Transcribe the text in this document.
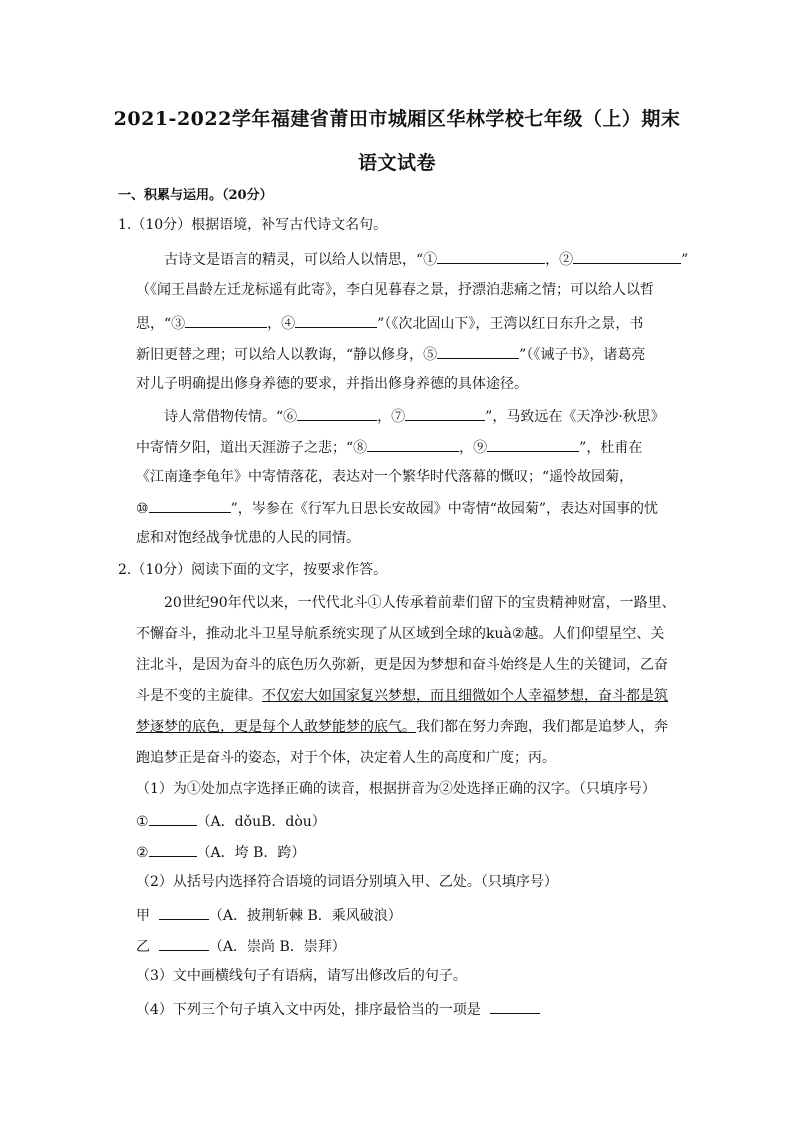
2021-2022学年福建省莆田市城厢区华林学校七年级（上）期末
语文试卷
一、积累与运用。（20分）
1.（10分）根据语境，补写古代诗文名句。
古诗文是语言的精灵，可以给人以情思，“①	，②	”
（《闻王昌龄左迁龙标遥有此寄》，李白见暮春之景，抒漂泊悲痛之情；可以给人以哲
思，“③	，④	”（《次北固山下》，王湾以红日东升之景，书
新旧更替之理；可以给人以教诲，“静以修身，⑤	”（《诫子书》，诸葛亮
对儿子明确提出修身养德的要求，并指出修身养德的具体途径。
诗人常借物传情。“⑥	，⑦	”，马致远在《天净沙·秋思》
中寄情夕阳，道出天涯游子之悲；“⑧	，⑨	”，杜甫在
《江南逢李龟年》中寄情落花，表达对一个繁华时代落幕的慨叹；“遥怜故园菊，
⑩	”，岑参在《行军九日思长安故园》中寄情“故园菊”，表达对国事的忧
虑和对饱经战争忧患的人民的同情。
2.（10分）阅读下面的文字，按要求作答。
20世纪90年代以来，一代代北斗①人传承着前辈们留下的宝贵精神财富，一路里、
不懈奋斗，推动北斗卫星导航系统实现了从区域到全球的kuà②越。人们仰望星空、关
注北斗，是因为奋斗的底色历久弥新，更是因为梦想和奋斗始终是人生的关键词，乙奋
斗是不变的主旋律。不仅宏大如国家复兴梦想，而且细微如个人幸福梦想，奋斗都是筑
梦逐梦的底色，更是每个人敢梦能梦的底气。我们都在努力奔跑，我们都是追梦人，奔
跑追梦正是奋斗的姿态，对于个体，决定着人生的高度和广度；丙。
（1）为①处加点字选择正确的读音，根据拼音为②处选择正确的汉字。（只填序号）
①	（A．dǒuB．dòu）
②	（A．垮 B．跨）
（2）从括号内选择符合语境的词语分别填入甲、乙处。（只填序号）
甲	（A．披荆斩棘 B．乘风破浪）
乙	（A．崇尚 B．崇拜）
（3）文中画横线句子有语病，请写出修改后的句子。
（4）下列三个句子填入文中丙处，排序最恰当的一项是
